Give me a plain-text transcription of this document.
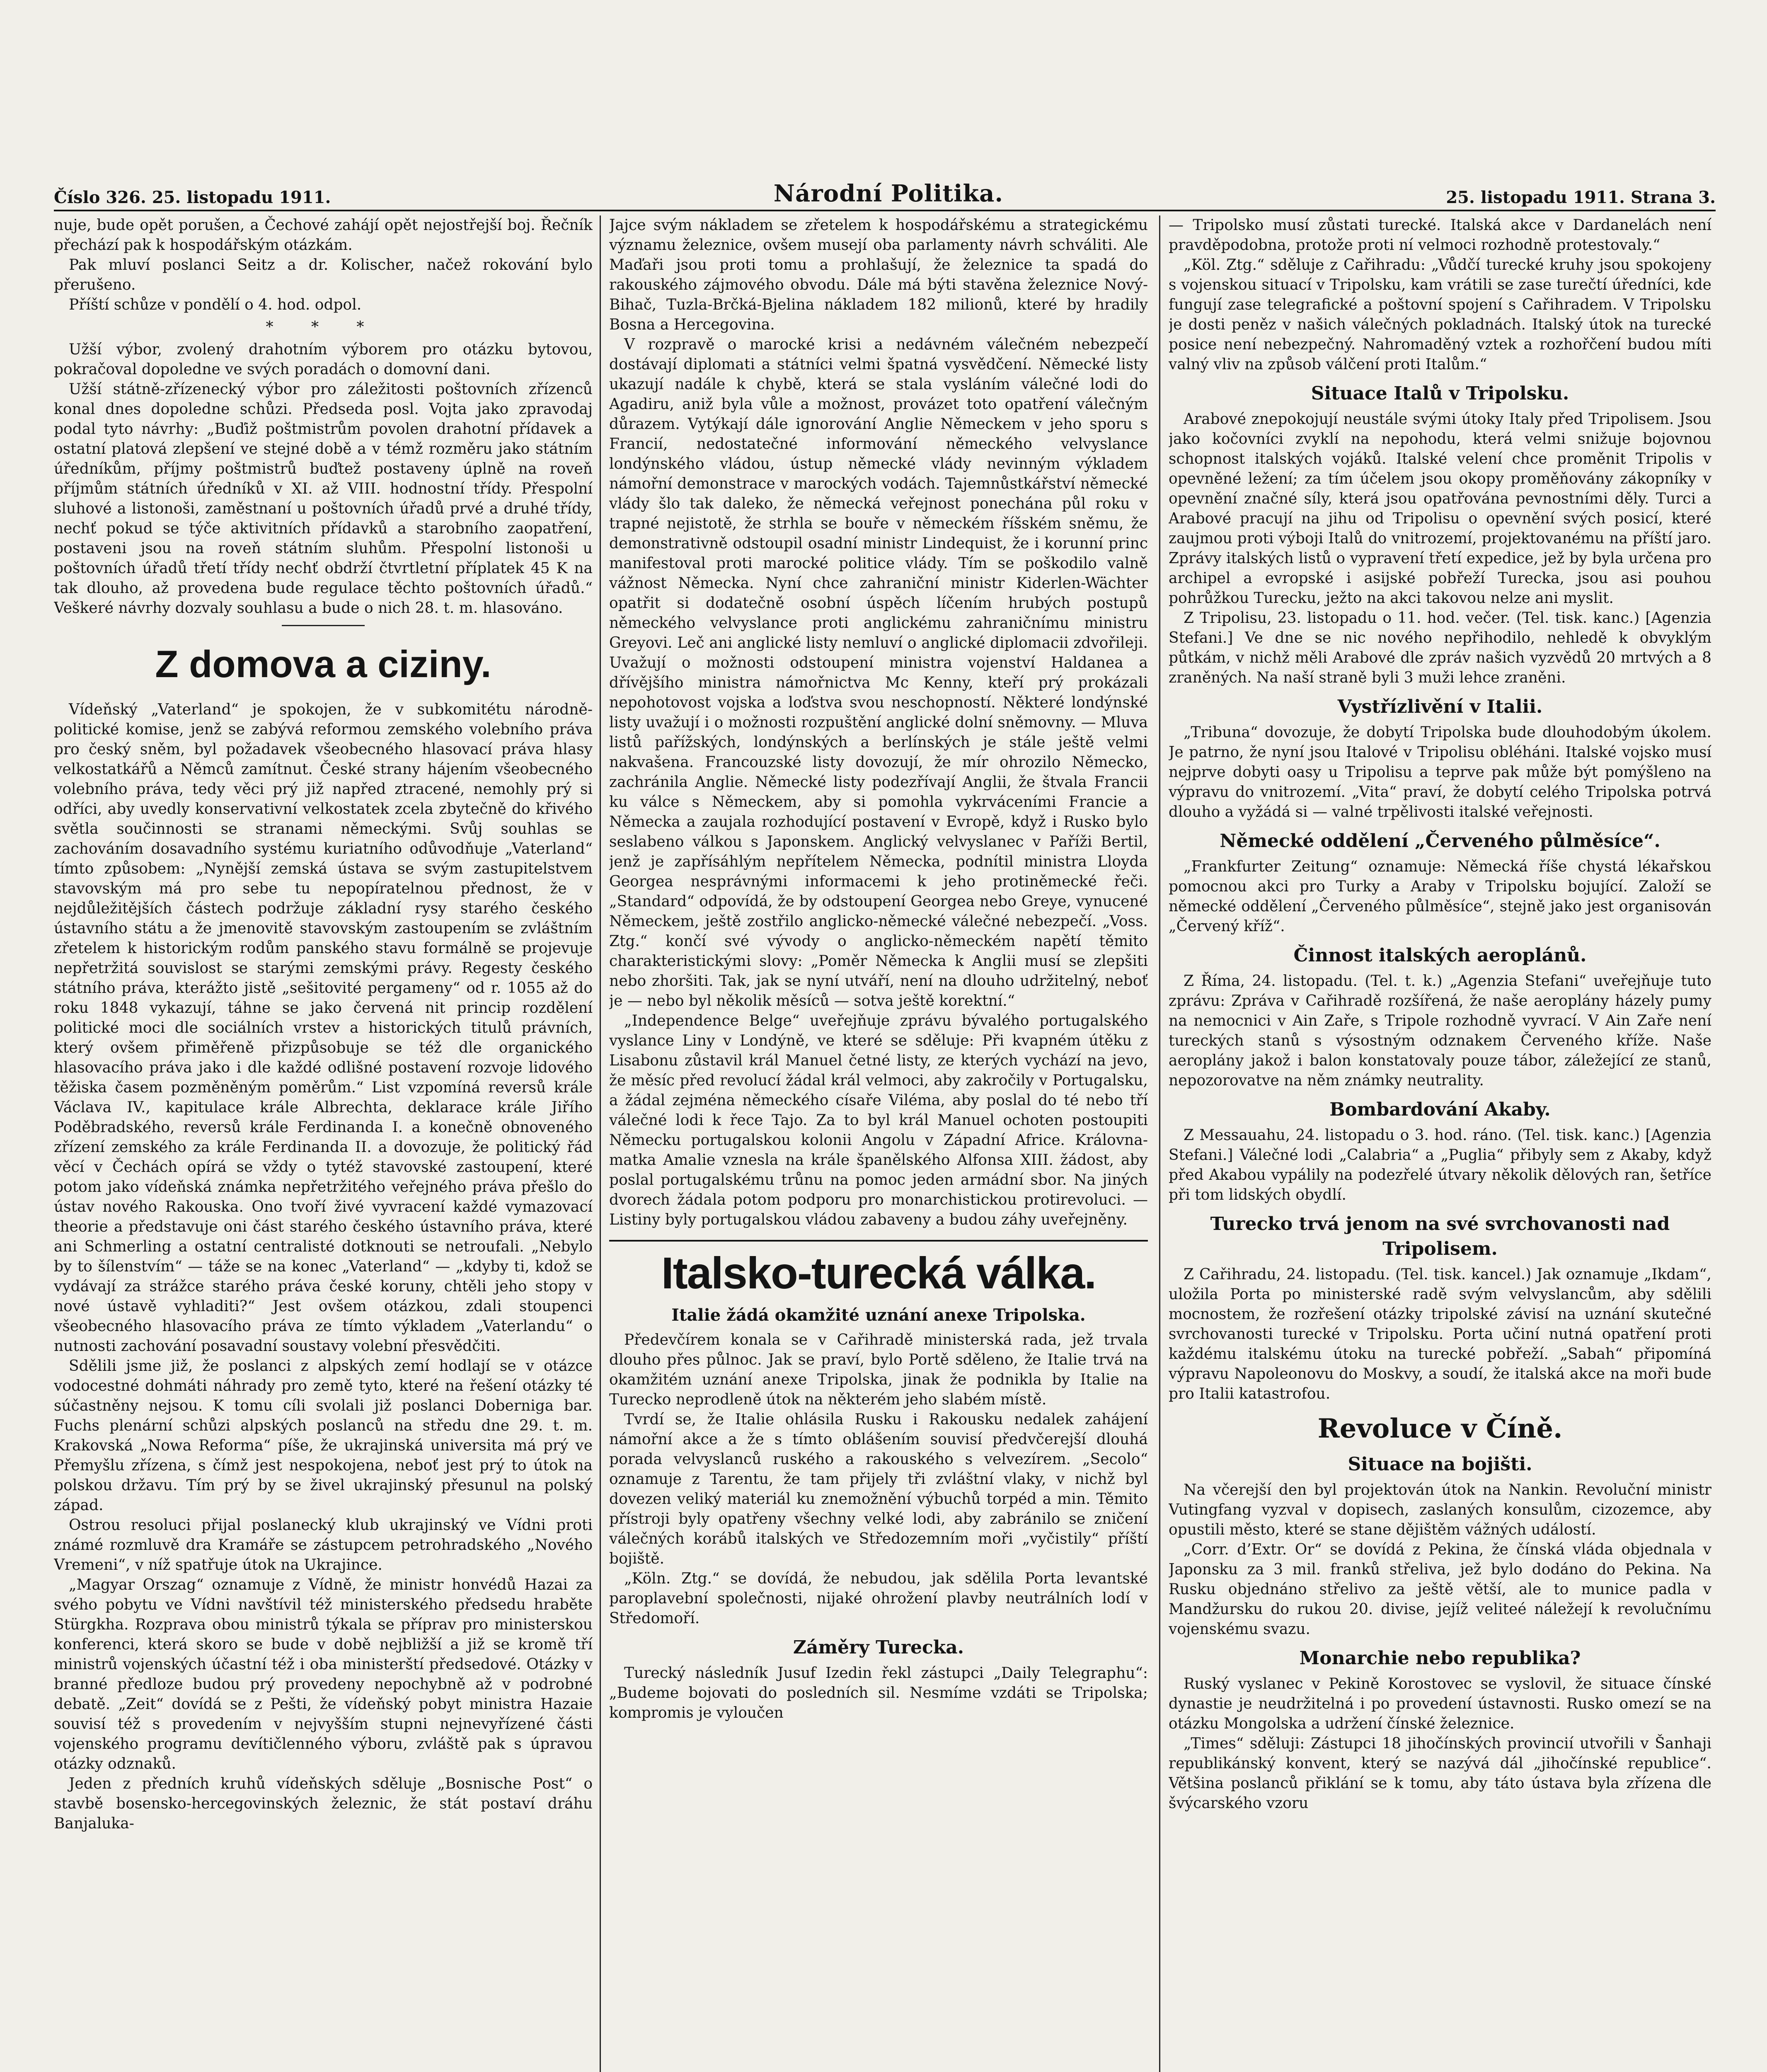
Číslo 326. 25. listopadu 1911.	Národní Politika.	25. listopadu 1911. Strana 3.

nuje, bude opět porušen, a Čechové zahájí opět nejostřejší boj. Řečník přechází pak k hospodářským otázkám.

Pak mluví poslanci Seitz a dr. Kolischer, načež rokování bylo přerušeno.

Příští schůze v pondělí o 4. hod. odpol.

* * *

Užší výbor, zvolený drahotním výborem pro otázku bytovou, pokračoval dopoledne ve svých poradách o domovní dani.

Užší státně-zřízenecký výbor pro záležitosti poštovních zřízenců konal dnes dopoledne schůzi. Předseda posl. Vojta jako zpravodaj podal tyto návrhy: „Buďiž poštmistrům povolen drahotní přídavek a ostatní platová zlepšení ve stejné době a v témž rozměru jako státním úředníkům, příjmy poštmistrů buďtež postaveny úplně na roveň příjmům státních úředníků v XI. až VIII. hodnostní třídy. Přespolní sluhové a listonoši, zaměstnaní u poštovních úřadů prvé a druhé třídy, nechť pokud se týče aktivitních přídavků a starobního zaopatření, postaveni jsou na roveň státním sluhům. Přespolní listonoši u poštovních úřadů třetí třídy nechť obdrží čtvrtletní příplatek 45 K na tak dlouho, až provedena bude regulace těchto poštovních úřadů.“ Veškeré návrhy dozvaly souhlasu a bude o nich 28. t. m. hlasováno.

Z domova a ciziny.

Vídeňský „Vaterland“ je spokojen, že v subkomitétu národně-politické komise, jenž se zabývá reformou zemského volebního práva pro český sněm, byl požadavek všeobecného hlasovací práva hlasy velkostatkářů a Němců zamítnut. České strany hájením všeobecného volebního práva, tedy věci prý již napřed ztracené, nemohly prý si odříci, aby uvedly konservativní velkostatek zcela zbytečně do křivého světla součinnosti se stranami německými. Svůj souhlas se zachováním dosavadního systému kuriatního odůvodňuje „Vaterland“ tímto způsobem: „Nynější zemská ústava se svým zastupitelstvem stavovským má pro sebe tu nepopíratelnou přednost, že v nejdůležitějších částech podržuje základní rysy starého českého ústavního státu a že jmenovitě stavovským zastoupením se zvláštním zřetelem k historickým rodům panského stavu formálně se projevuje nepřetržitá souvislost se starými zemskými právy. Regesty českého státního práva, kterážto jistě „sešitovité pergameny“ od r. 1055 až do roku 1848 vykazují, táhne se jako červená nit princip rozdělení politické moci dle sociálních vrstev a historických titulů právních, který ovšem přiměřeně přizpůsobuje se též dle organického hlasovacího práva jako i dle každé odlišné postavení rozvoje lidového těžiska časem pozměněným poměrům.“ List vzpomíná reversů krále Václava IV., kapitulace krále Albrechta, deklarace krále Jiřího Poděbradského, reversů krále Ferdinanda I. a konečně obnoveného zřízení zemského za krále Ferdinanda II. a dovozuje, že politický řád věcí v Čechách opírá se vždy o tytéž stavovské zastoupení, které potom jako vídeňská známka nepřetržitého veřejného práva přešlo do ústav nového Rakouska. Ono tvoří živé vyvracení každé vymazovací theorie a představuje oni část starého českého ústavního práva, které ani Schmerling a ostatní centralisté dotknouti se netroufali. „Nebylo by to šílenstvím“ — táže se na konec „Vaterland“ — „kdyby ti, kdož se vydávají za strážce starého práva české koruny, chtěli jeho stopy v nové ústavě vyhladiti?“ Jest ovšem otázkou, zdali stoupenci všeobecného hlasovacího práva ze tímto výkladem „Vaterlandu“ o nutnosti zachování posavadní soustavy volební přesvědčiti.

Sdělili jsme již, že poslanci z alpských zemí hodlají se v otázce vodocestné dohmáti náhrady pro země tyto, které na řešení otázky té súčastněny nejsou. K tomu cíli svolali již poslanci Doberniga bar. Fuchs plenární schůzi alpských poslanců na středu dne 29. t. m. Krakovská „Nowa Reforma“ píše, že ukrajinská universita má prý ve Přemyšlu zřízena, s čímž jest nespokojena, neboť jest prý to útok na polskou državu. Tím prý by se živel ukrajinský přesunul na polský západ.

Ostrou resoluci přijal poslanecký klub ukrajinský ve Vídni proti známé rozmluvě dra Kramáře se zástupcem petrohradského „Nového Vremeni“, v níž spatřuje útok na Ukrajince.

„Magyar Orszag“ oznamuje z Vídně, že ministr honvédů Hazai za svého pobytu ve Vídni navštívil též ministerského předsedu hraběte Stürgkha. Rozprava obou ministrů týkala se příprav pro ministerskou konferenci, která skoro se bude v době nejbližší a již se kromě tří ministrů vojenských účastní též i oba ministerští předsedové. Otázky v branné předloze budou prý provedeny nepochybně až v podrobné debatě. „Zeit“ dovídá se z Pešti, že vídeňský pobyt ministra Hazaie souvisí též s provedením v nejvyšším stupni nejnevyřízené části vojenského programu devítičlenného výboru, zvláště pak s úpravou otázky odznaků.

Jeden z předních kruhů vídeňských sděluje „Bosnische Post“ o stavbě bosensko-hercegovinských železnic, že stát postaví dráhu Banjaluka-

Jajce svým nákladem se zřetelem k hospodářskému a strategickému významu železnice, ovšem musejí oba parlamenty návrh schváliti. Ale Maďaři jsou proti tomu a prohlašují, že železnice ta spadá do rakouského zájmového obvodu. Dále má býti stavěna železnice Nový-Bihač, Tuzla-Brčká-Bjelina nákladem 182 milionů, které by hradily Bosna a Hercegovina.

V rozpravě o marocké krisi a nedávném válečném nebezpečí dostávají diplomati a státníci velmi špatná vysvědčení. Německé listy ukazují nadále k chybě, která se stala vysláním válečné lodi do Agadiru, aniž byla vůle a možnost, provázet toto opatření válečným důrazem. Vytýkají dále ignorování Anglie Německem v jeho sporu s Francií, nedostatečné informování německého velvyslance londýnského vládou, ústup německé vlády nevinným výkladem námořní demonstrace v marockých vodách. Tajemnůstkářství německé vlády šlo tak daleko, že německá veřejnost ponechána půl roku v trapné nejistotě, že strhla se bouře v německém říšském sněmu, že demonstrativně odstoupil osadní ministr Lindequist, že i korunní princ manifestoval proti marocké politice vlády. Tím se poškodilo valně vážnost Německa. Nyní chce zahraniční ministr Kiderlen-Wächter opatřit si dodatečně osobní úspěch líčením hrubých postupů německého velvyslance proti anglickému zahraničnímu ministru Greyovi. Leč ani anglické listy nemluví o anglické diplomacii zdvořileji. Uvažují o možnosti odstoupení ministra vojenství Haldanea a dřívějšího ministra námořnictva Mc Kenny, kteří prý prokázali nepohotovost vojska a loďstva svou neschopností. Některé londýnské listy uvažují i o možnosti rozpuštění anglické dolní sněmovny. — Mluva listů pařížských, londýnských a berlínských je stále ještě velmi nakvašena. Francouzské listy dovozují, že mír ohrozilo Německo, zachránila Anglie. Německé listy podezřívají Anglii, že štvala Francii ku válce s Německem, aby si pomohla vykrváceními Francie a Německa a zaujala rozhodující postavení v Evropě, když i Rusko bylo seslabeno válkou s Japonskem. Anglický velvyslanec v Paříži Bertil, jenž je zapřísáhlým nepřítelem Německa, podnítil ministra Lloyda Georgea nesprávnými informacemi k jeho protiněmecké řeči. „Standard“ odpovídá, že by odstoupení Georgea nebo Greye, vynucené Německem, ještě zostřilo anglicko-německé válečné nebezpečí. „Voss. Ztg.“ končí své vývody o anglicko-německém napětí těmito charakteristickými slovy: „Poměr Německa k Anglii musí se zlepšiti nebo zhoršiti. Tak, jak se nyní utváří, není na dlouho udržitelný, neboť je — nebo byl několik měsíců — sotva ještě korektní.“

„Independence Belge“ uveřejňuje zprávu bývalého portugalského vyslance Liny v Londýně, ve které se sděluje: Při kvapném útěku z Lisabonu zůstavil král Manuel četné listy, ze kterých vychází na jevo, že měsíc před revolucí žádal král velmoci, aby zakročily v Portugalsku, a žádal zejména německého císaře Viléma, aby poslal do té nebo tří válečné lodi k řece Tajo. Za to byl král Manuel ochoten postoupiti Německu portugalskou kolonii Angolu v Západní Africe. Královna-matka Amalie vznesla na krále španělského Alfonsa XIII. žádost, aby poslal portugalskému trůnu na pomoc jeden armádní sbor. Na jiných dvorech žádala potom podporu pro monarchistickou protirevoluci. — Listiny byly portugalskou vládou zabaveny a budou záhy uveřejněny.

Italsko-turecká válka.
Italie žádá okamžité uznání anexe Tripolska.

Předevčírem konala se v Cařihradě ministerská rada, jež trvala dlouho přes půlnoc. Jak se praví, bylo Portě sděleno, že Italie trvá na okamžitém uznání anexe Tripolska, jinak že podnikla by Italie na Turecko neprodleně útok na některém jeho slabém místě.

Tvrdí se, že Italie ohlásila Rusku i Rakousku nedalek zahájení námořní akce a že s tímto oblášením souvisí předvčerejší dlouhá porada velvyslanců ruského a rakouského s velvezírem. „Secolo“ oznamuje z Tarentu, že tam přijely tři zvláštní vlaky, v nichž byl dovezen veliký materiál ku znemožnění výbuchů torpéd a min. Těmito přístroji byly opatřeny všechny velké lodi, aby zabránilo se zničení válečných korábů italských ve Středozemním moři „vyčistily“ příští bojiště.

„Köln. Ztg.“ se dovídá, že nebudou, jak sdělila Porta levantské paroplavební společnosti, nijaké ohrožení plavby neutrálních lodí v Středomoří.

Záměry Turecka.

Turecký následník Jusuf Izedin řekl zástupci „Daily Telegraphu“: „Budeme bojovati do posledních sil. Nesmíme vzdáti se Tripolska; kompromis je vyloučen

— Tripolsko musí zůstati turecké. Italská akce v Dardanelách není pravděpodobna, protože proti ní velmoci rozhodně protestovaly.“

„Köl. Ztg.“ sděluje z Cařihradu: „Vůdčí turecké kruhy jsou spokojeny s vojenskou situací v Tripolsku, kam vrátili se zase turečtí úředníci, kde fungují zase telegrafické a poštovní spojení s Cařihradem. V Tripolsku je dosti peněz v našich válečných pokladnách. Italský útok na turecké posice není nebezpečný. Nahromaděný vztek a rozhořčení budou míti valný vliv na způsob válčení proti Italům.“

Situace Italů v Tripolsku.

Arabové znepokojují neustále svými útoky Italy před Tripolisem. Jsou jako kočovníci zvyklí na nepohodu, která velmi snižuje bojovnou schopnost italských vojáků. Italské velení chce proměnit Tripolis v opevněné ležení; za tím účelem jsou okopy proměňovány zákopníky v opevnění značné síly, která jsou opatřována pevnostními děly. Turci a Arabové pracují na jihu od Tripolisu o opevnění svých posicí, které zaujmou proti výboji Italů do vnitrozemí, projektovanému na příští jaro. Zprávy italských listů o vypravení třetí expedice, jež by byla určena pro archipel a evropské i asijské pobřeží Turecka, jsou asi pouhou pohrůžkou Turecku, ježto na akci takovou nelze ani myslit.

Z Tripolisu, 23. listopadu o 11. hod. večer. (Tel. tisk. kanc.) [Agenzia Stefani.] Ve dne se nic nového nepřihodilo, nehledě k obvyklým půtkám, v nichž měli Arabové dle zpráv našich vyzvědů 20 mrtvých a 8 zraněných. Na naší straně byli 3 muži lehce zraněni.

Vystřízlivění v Italii.

„Tribuna“ dovozuje, že dobytí Tripolska bude dlouhodobým úkolem. Je patrno, že nyní jsou Italové v Tripolisu obléháni. Italské vojsko musí nejprve dobyti oasy u Tripolisu a teprve pak může být pomýšleno na výpravu do vnitrozemí. „Vita“ praví, že dobytí celého Tripolska potrvá dlouho a vyžádá si — valné trpělivosti italské veřejnosti.

Německé oddělení „Červeného půlměsíce“.

„Frankfurter Zeitung“ oznamuje: Německá říše chystá lékařskou pomocnou akci pro Turky a Araby v Tripolsku bojující. Založí se německé oddělení „Červeného půlměsíce“, stejně jako jest organisován „Červený kříž“.

Činnost italských aeroplánů.

Z Říma, 24. listopadu. (Tel. t. k.) „Agenzia Stefani“ uveřejňuje tuto zprávu: Zpráva v Cařihradě rozšířená, že naše aeroplány házely pumy na nemocnici v Ain Zaře, s Tripole rozhodně vyvrací. V Ain Zaře není tureckých stanů s výsostným odznakem Červeného kříže. Naše aeroplány jakož i balon konstatovaly pouze tábor, záležející ze stanů, nepozorovatve na něm známky neutrality.

Bombardování Akaby.

Z Messauahu, 24. listopadu o 3. hod. ráno. (Tel. tisk. kanc.) [Agenzia Stefani.] Válečné lodi „Calabria“ a „Puglia“ přibyly sem z Akaby, když před Akabou vypálily na podezřelé útvary několik dělových ran, šetříce při tom lidských obydlí.

Turecko trvá jenom na své svrchovanosti nad Tripolisem.

Z Cařihradu, 24. listopadu. (Tel. tisk. kancel.) Jak oznamuje „Ikdam“, uložila Porta po ministerské radě svým velvyslancům, aby sdělili mocnostem, že rozřešení otázky tripolské závisí na uznání skutečné svrchovanosti turecké v Tripolsku. Porta učiní nutná opatření proti každému italskému útoku na turecké pobřeží. „Sabah“ připomíná výpravu Napoleonovu do Moskvy, a soudí, že italská akce na moři bude pro Italii katastrofou.

Revoluce v Číně.
Situace na bojišti.

Na včerejší den byl projektován útok na Nankin. Revoluční ministr Vutingfang vyzval v dopisech, zaslaných konsulům, cizozemce, aby opustili město, které se stane dějištěm vážných událostí.

„Corr. d’Extr. Or“ se dovídá z Pekina, že čínská vláda objednala v Japonsku za 3 mil. franků střeliva, jež bylo dodáno do Pekina. Na Rusku objednáno střelivo za ještě větší, ale to munice padla v Mandžursku do rukou 20. divise, jejíž veliteé náležejí k revolučnímu vojenskému svazu.

Monarchie nebo republika?

Ruský vyslanec v Pekině Korostovec se vyslovil, že situace čínské dynastie je neudržitelná i po provedení ústavnosti. Rusko omezí se na otázku Mongolska a udržení čínské železnice.

„Times“ sděluji: Zástupci 18 jihočínských provincií utvořili v Šanhaji republikánský konvent, který se nazývá dál „jihočínské republice“. Většina poslanců přiklání se k tomu, aby táto ústava byla zřízena dle švýcarského vzoru
